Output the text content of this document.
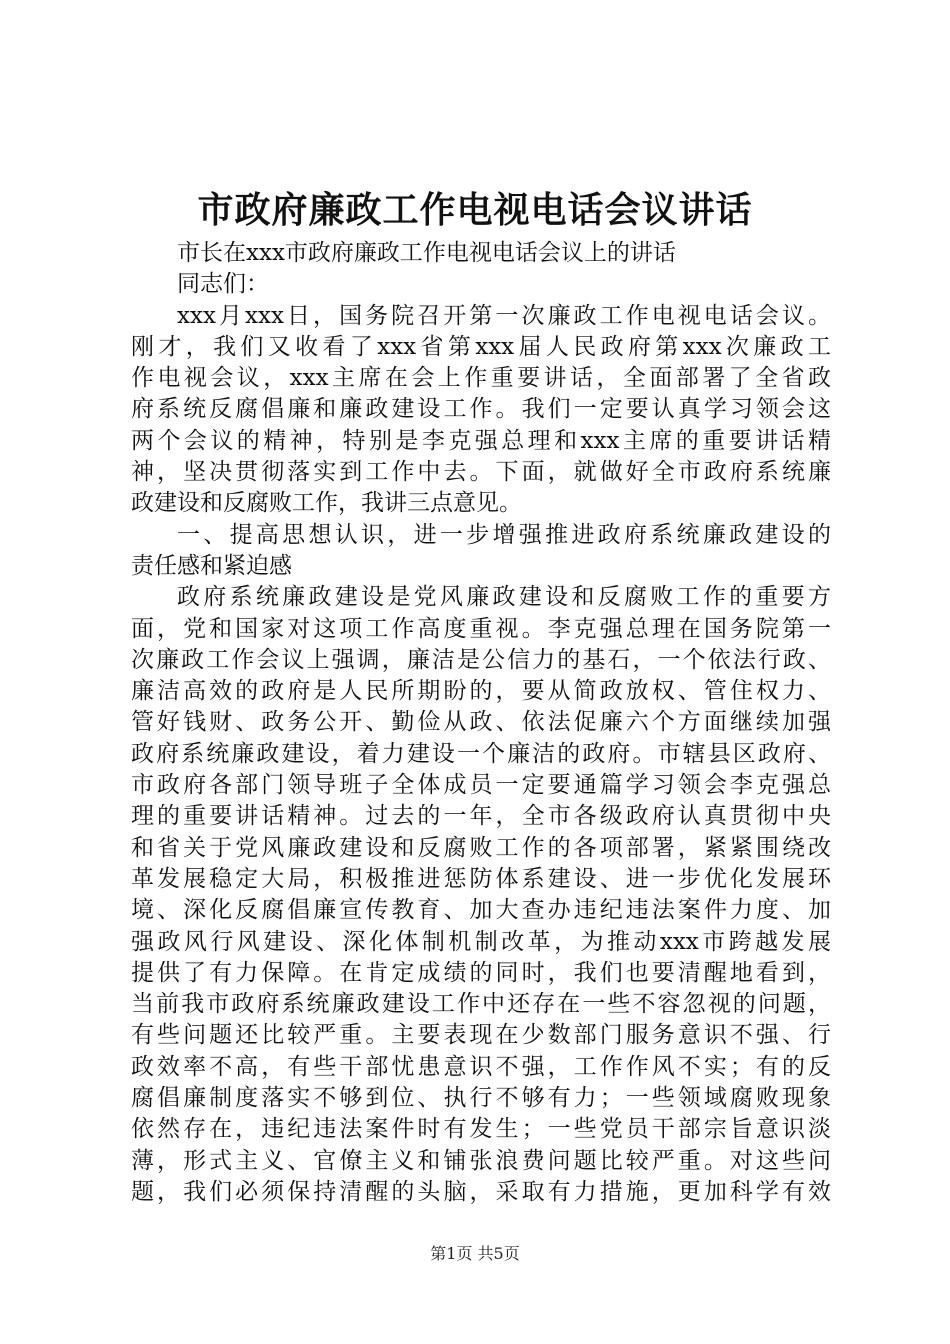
市政府廉政工作电视电话会议讲话
市长在xxx市政府廉政工作电视电话会议上的讲话
同志们：
xxx月xxx日，国务院召开第一次廉政工作电视电话会议。
刚才，我们又收看了xxx省第xxx届人民政府第xxx次廉政工
作电视会议，xxx主席在会上作重要讲话，全面部署了全省政
府系统反腐倡廉和廉政建设工作。我们一定要认真学习领会这
两个会议的精神，特别是李克强总理和xxx主席的重要讲话精
神，坚决贯彻落实到工作中去。下面，就做好全市政府系统廉
政建设和反腐败工作，我讲三点意见。
一、提高思想认识，进一步增强推进政府系统廉政建设的
责任感和紧迫感
政府系统廉政建设是党风廉政建设和反腐败工作的重要方
面，党和国家对这项工作高度重视。李克强总理在国务院第一
次廉政工作会议上强调，廉洁是公信力的基石，一个依法行政、
廉洁高效的政府是人民所期盼的，要从简政放权、管住权力、
管好钱财、政务公开、勤俭从政、依法促廉六个方面继续加强
政府系统廉政建设，着力建设一个廉洁的政府。市辖县区政府、
市政府各部门领导班子全体成员一定要通篇学习领会李克强总
理的重要讲话精神。过去的一年，全市各级政府认真贯彻中央
和省关于党风廉政建设和反腐败工作的各项部署，紧紧围绕改
革发展稳定大局，积极推进惩防体系建设、进一步优化发展环
境、深化反腐倡廉宣传教育、加大查办违纪违法案件力度、加
强政风行风建设、深化体制机制改革，为推动xxx市跨越发展
提供了有力保障。在肯定成绩的同时，我们也要清醒地看到，
当前我市政府系统廉政建设工作中还存在一些不容忽视的问题，
有些问题还比较严重。主要表现在少数部门服务意识不强、行
政效率不高，有些干部忧患意识不强，工作作风不实；有的反
腐倡廉制度落实不够到位、执行不够有力；一些领域腐败现象
依然存在，违纪违法案件时有发生；一些党员干部宗旨意识淡
薄，形式主义、官僚主义和铺张浪费问题比较严重。对这些问
题，我们必须保持清醒的头脑，采取有力措施，更加科学有效
第1页 共5页
